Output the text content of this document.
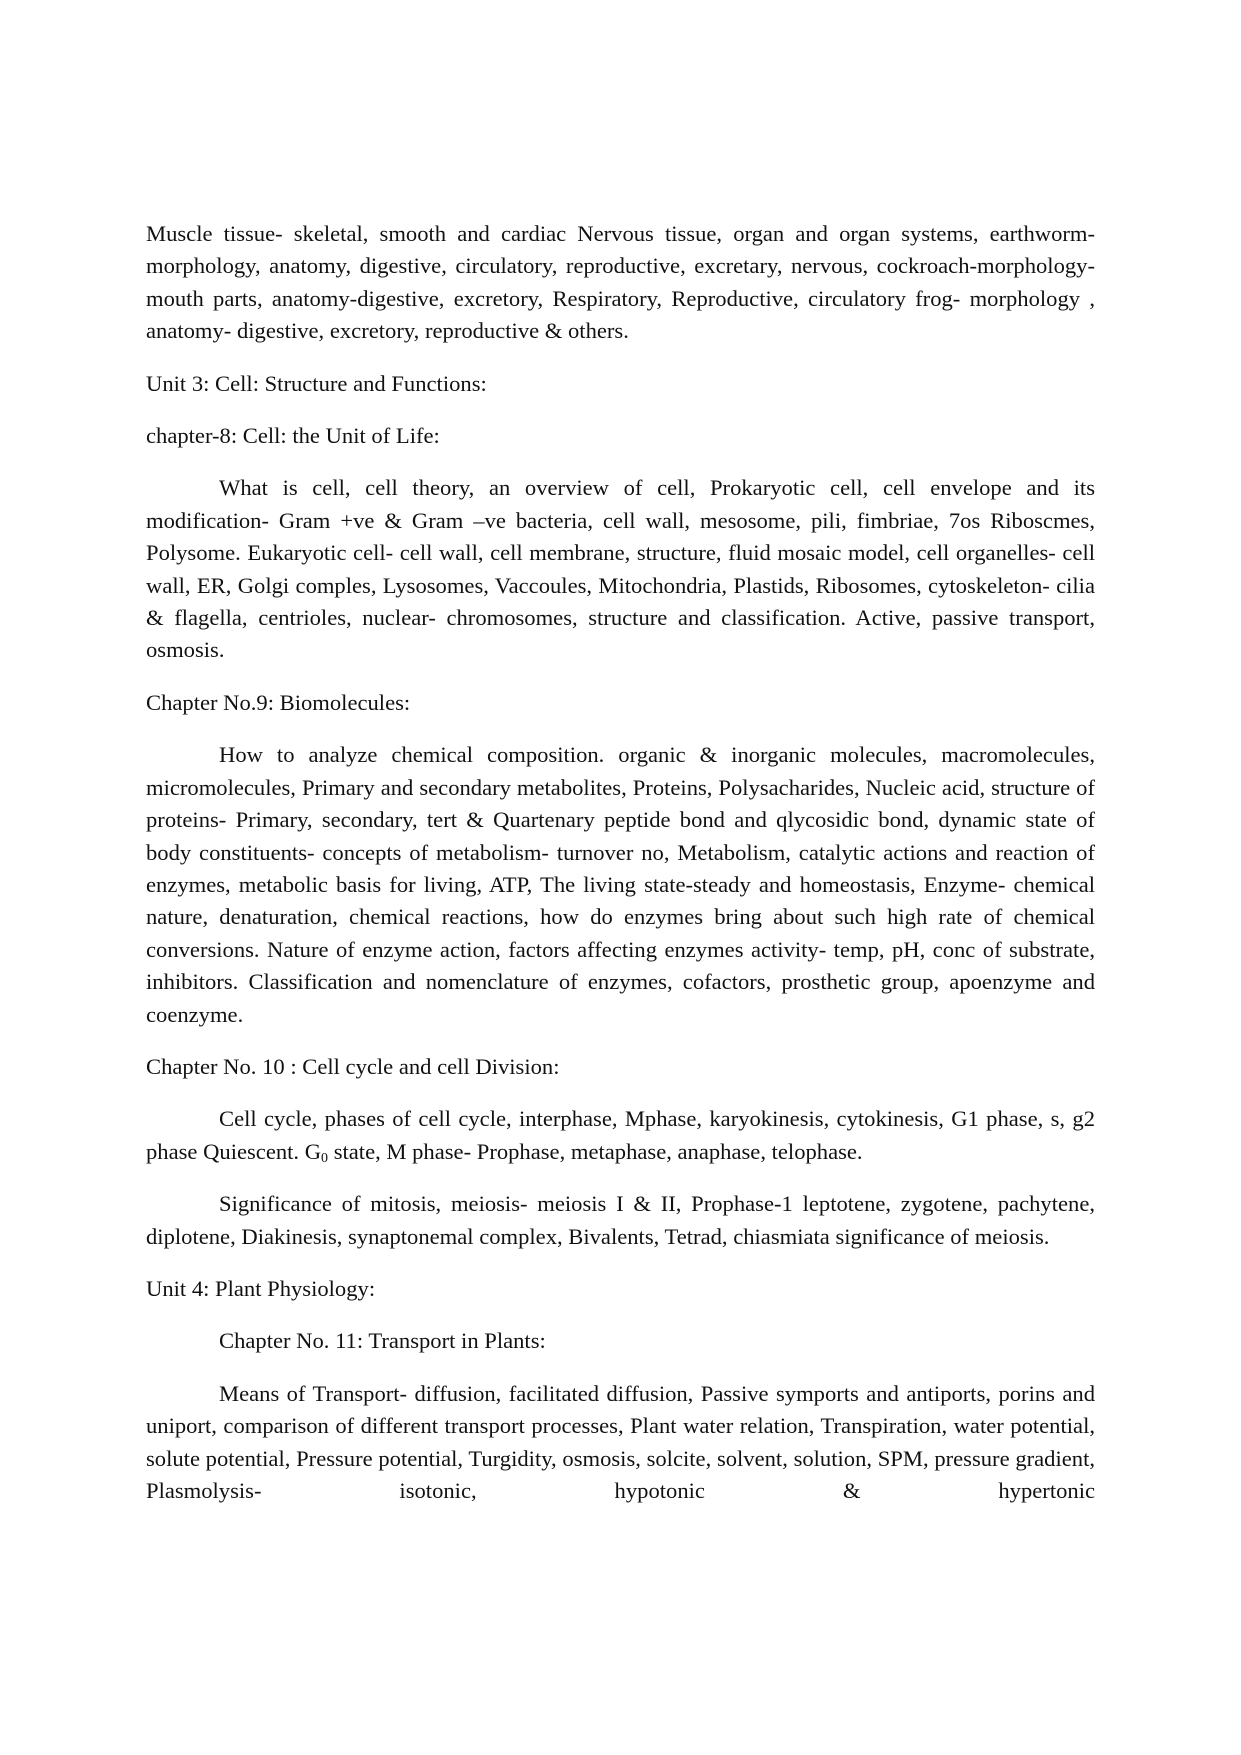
Muscle tissue- skeletal, smooth and cardiac Nervous tissue, organ and organ systems, earthworm- morphology, anatomy, digestive, circulatory, reproductive, excretary, nervous, cockroach-morphology- mouth parts, anatomy-digestive, excretory, Respiratory, Reproductive, circulatory frog- morphology , anatomy- digestive, excretory, reproductive & others.

Unit 3: Cell: Structure and Functions:

chapter-8: Cell: the Unit of Life:

What is cell, cell theory, an overview of cell, Prokaryotic cell, cell envelope and its modification- Gram +ve & Gram –ve bacteria, cell wall, mesosome, pili, fimbriae, 7os Riboscmes, Polysome. Eukaryotic cell- cell wall, cell membrane, structure, fluid mosaic model, cell organelles- cell wall, ER, Golgi comples, Lysosomes, Vaccoules, Mitochondria, Plastids, Ribosomes, cytoskeleton- cilia & flagella, centrioles, nuclear- chromosomes, structure and classification. Active, passive transport, osmosis.

Chapter No.9: Biomolecules:

How to analyze chemical composition. organic & inorganic molecules, macromolecules, micromolecules, Primary and secondary metabolites, Proteins, Polysacharides, Nucleic acid, structure of proteins- Primary, secondary, tert & Quartenary peptide bond and qlycosidic bond, dynamic state of body constituents- concepts of metabolism- turnover no, Metabolism, catalytic actions and reaction of enzymes, metabolic basis for living, ATP, The living state-steady and homeostasis, Enzyme- chemical nature, denaturation, chemical reactions, how do enzymes bring about such high rate of chemical conversions. Nature of enzyme action, factors affecting enzymes activity- temp, pH, conc of substrate, inhibitors. Classification and nomenclature of enzymes, cofactors, prosthetic group, apoenzyme and coenzyme.

Chapter No. 10 : Cell cycle and cell Division:

Cell cycle, phases of cell cycle, interphase, Mphase, karyokinesis, cytokinesis, G1 phase, s, g2 phase Quiescent. $G_0$ state, M phase- Prophase, metaphase, anaphase, telophase.

Significance of mitosis, meiosis- meiosis I & II, Prophase-1 leptotene, zygotene, pachytene, diplotene, Diakinesis, synaptonemal complex, Bivalents, Tetrad, chiasmiata significance of meiosis.

Unit 4: Plant Physiology:

Chapter No. 11: Transport in Plants:

Means of Transport- diffusion, facilitated diffusion, Passive symports and antiports, porins and uniport, comparison of different transport processes, Plant water relation, Transpiration, water potential, solute potential, Pressure potential, Turgidity, osmosis, solcite, solvent, solution, SPM, pressure gradient, Plasmolysis- isotonic, hypotonic & hypertonic
